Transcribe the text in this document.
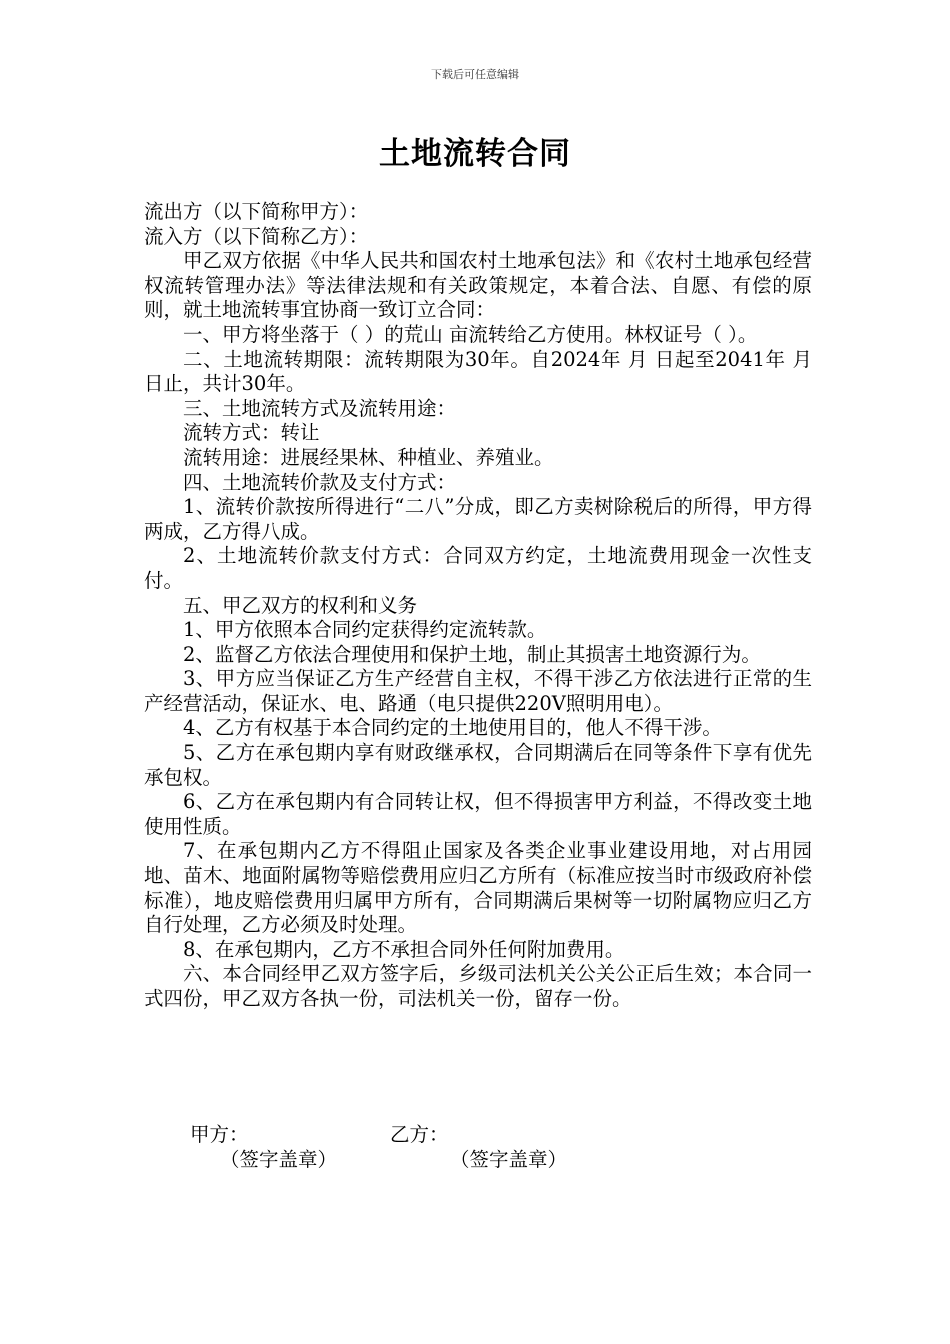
下载后可任意编辑
土地流转合同

流出方（以下简称甲方）：

流入方（以下简称乙方）：

甲乙双方依据《中华人民共和国农村土地承包法》和《农村土地承包经营权流转管理办法》等法律法规和有关政策规定，本着合法、自愿、有偿的原则，就土地流转事宜协商一致订立合同：

一、甲方将坐落于（ ）的荒山 亩流转给乙方使用。林权证号（ ）。

二、土地流转期限：流转期限为30年。自2024年 月 日起至2041年 月 日止，共计30年。

三、土地流转方式及流转用途：

流转方式：转让

流转用途：进展经果林、种植业、养殖业。

四、土地流转价款及支付方式：

1、流转价款按所得进行“二八”分成，即乙方卖树除税后的所得，甲方得两成，乙方得八成。

2、土地流转价款支付方式：合同双方约定，土地流费用现金一次性支付。

五、甲乙双方的权利和义务

1、甲方依照本合同约定获得约定流转款。

2、监督乙方依法合理使用和保护土地，制止其损害土地资源行为。

3、甲方应当保证乙方生产经营自主权，不得干涉乙方依法进行正常的生产经营活动，保证水、电、路通（电只提供220V照明用电）。

4、乙方有权基于本合同约定的土地使用目的，他人不得干涉。

5、乙方在承包期内享有财政继承权，合同期满后在同等条件下享有优先承包权。

6、乙方在承包期内有合同转让权，但不得损害甲方利益，不得改变土地使用性质。

7、在承包期内乙方不得阻止国家及各类企业事业建设用地，对占用园地、苗木、地面附属物等赔偿费用应归乙方所有（标准应按当时市级政府补偿标准），地皮赔偿费用归属甲方所有，合同期满后果树等一切附属物应归乙方自行处理，乙方必须及时处理。

8、在承包期内，乙方不承担合同外任何附加费用。

六、本合同经甲乙双方签字后，乡级司法机关公关公正后生效；本合同一式四份，甲乙双方各执一份，司法机关一份，留存一份。

甲方：	乙方：
（签字盖章）	（签字盖章）
